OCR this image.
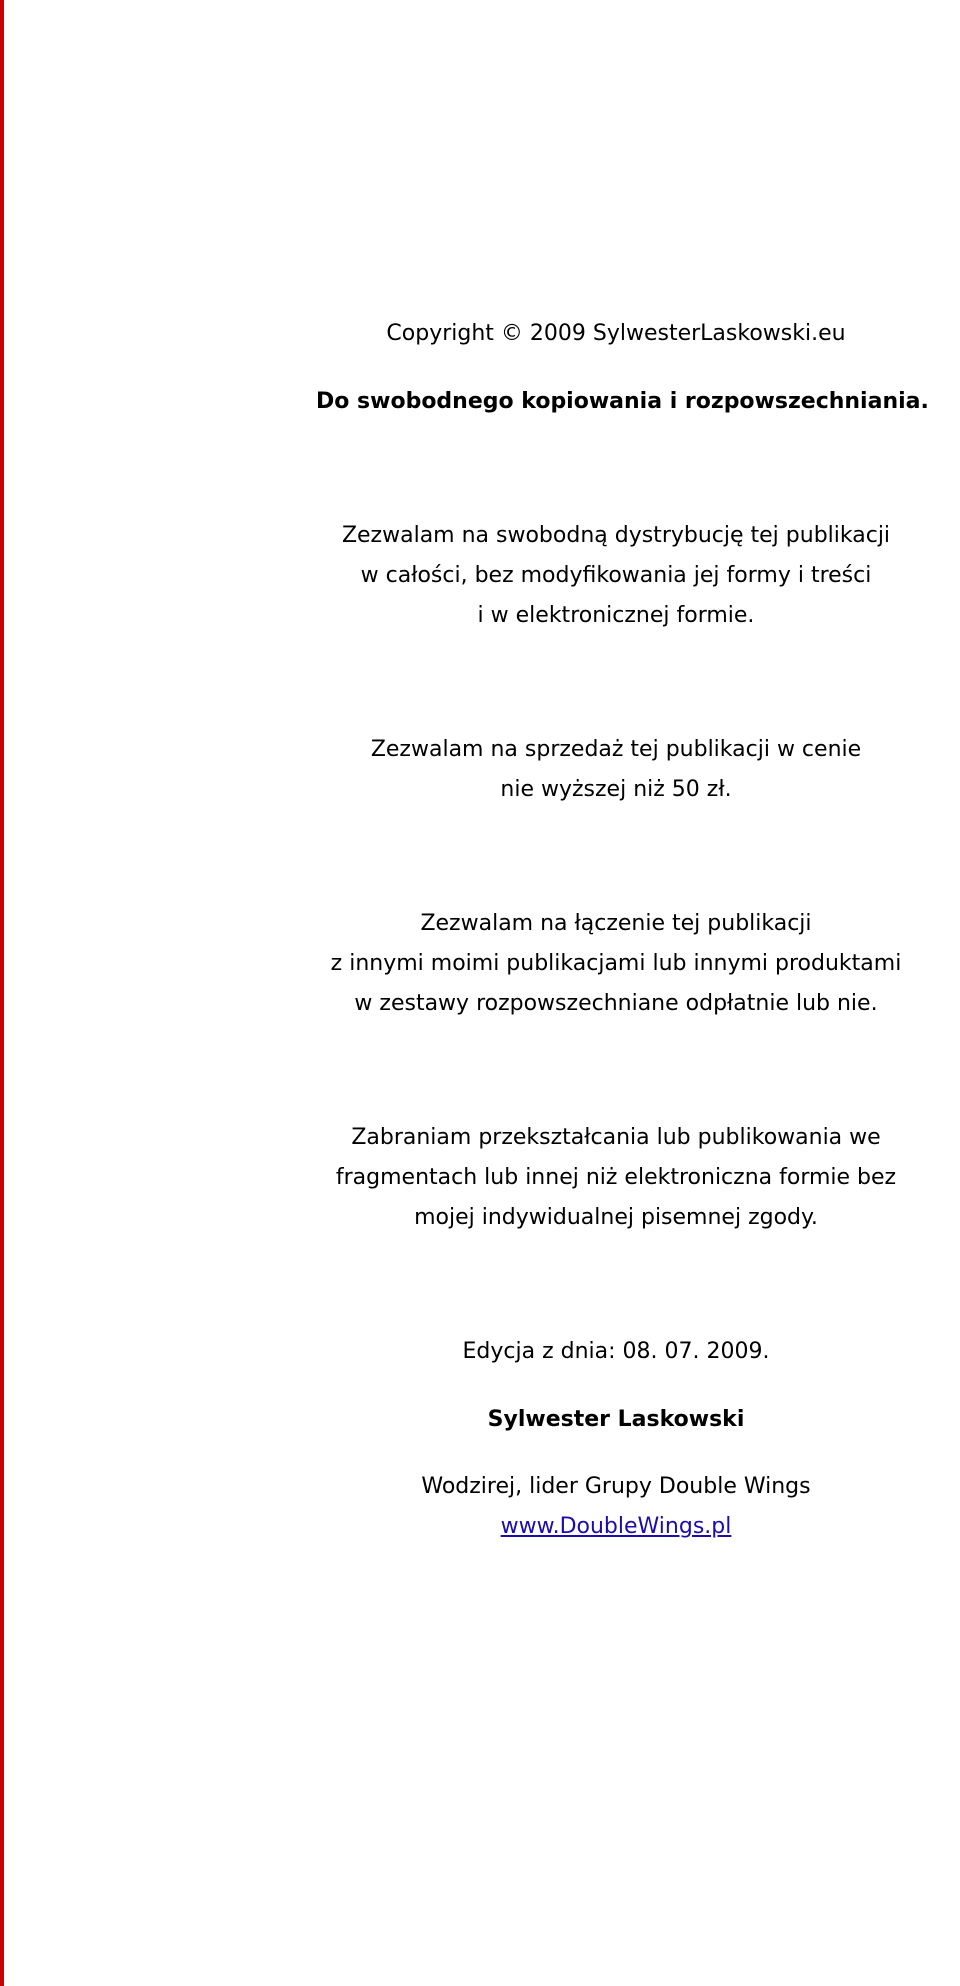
Copyright © 2009 SylwesterLaskowski.eu
Do swobodnego kopiowania i rozpowszechniania.
Zezwalam na swobodną dystrybucję tej publikacji
w całości, bez modyfikowania jej formy i treści
i w elektronicznej formie.
Zezwalam na sprzedaż tej publikacji w cenie
nie wyższej niż 50 zł.
Zezwalam na łączenie tej publikacji
z innymi moimi publikacjami lub innymi produktami
w zestawy rozpowszechniane odpłatnie lub nie.
Zabraniam przekształcania lub publikowania we
fragmentach lub innej niż elektroniczna formie bez
mojej indywidualnej pisemnej zgody.
Edycja z dnia: 08. 07. 2009.
Sylwester Laskowski
Wodzirej, lider Grupy Double Wings
www.DoubleWings.pl
